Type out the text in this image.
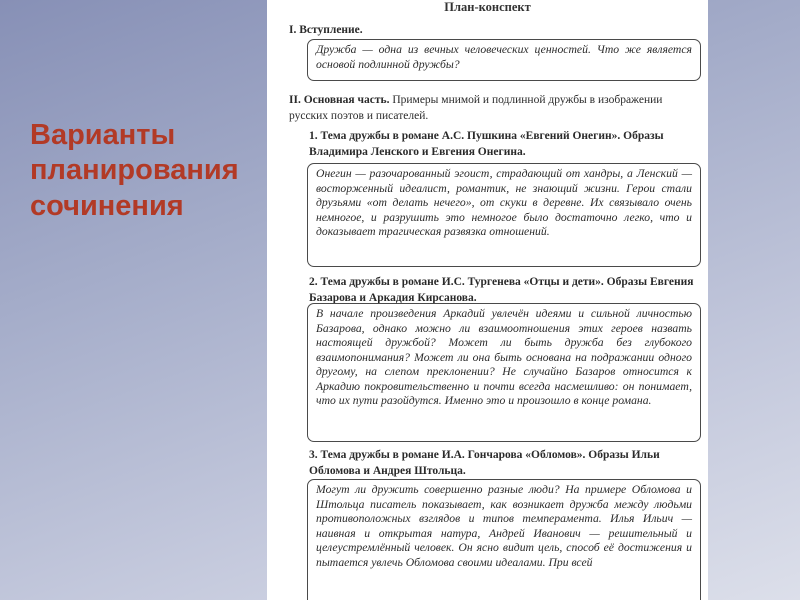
Варианты
планирования
сочинения
План-конспект
I. Вступление.

Дружба — одна из вечных человеческих ценностей. Что же является основой подлинной дружбы?

II. Основная часть. Примеры мнимой и подлинной дружбы в изображении русских поэтов и писателей.
1. Тема дружбы в романе А.С. Пушкина «Евгений Онегин». Образы Владимира Ленского и Евгения Онегина.

Онегин — разочарованный эгоист, страдающий от хандры, а Ленский — восторженный идеалист, романтик, не знающий жизни. Герои стали друзьями «от делать нечего», от скуки в деревне. Их связывало очень немногое, и разрушить это немногое было достаточно легко, что и доказывает трагическая развязка отношений.

2. Тема дружбы в романе И.С. Тургенева «Отцы и дети». Образы Евгения Базарова и Аркадия Кирсанова.

В начале произведения Аркадий увлечён идеями и сильной личностью Базарова, однако можно ли взаимоотношения этих героев назвать настоящей дружбой? Может ли быть дружба без глубокого взаимопонимания? Может ли она быть основана на подражании одного другому, на слепом преклонении? Не случайно Базаров относится к Аркадию покровительственно и почти всегда насмешливо: он понимает, что их пути разойдутся. Именно это и произошло в конце романа.

3. Тема дружбы в романе И.А. Гончарова «Обломов». Образы Ильи Обломова и Андрея Штольца.

Могут ли дружить совершенно разные люди? На примере Обломова и Штольца писатель показывает, как возникает дружба между людьми противоположных взглядов и типов темперамента. Илья Ильич — наивная и открытая натура, Андрей Иванович — решительный и целеустремлённый человек. Он ясно видит цель, способ её достижения и пытается увлечь Обломова своими идеалами. При всей
